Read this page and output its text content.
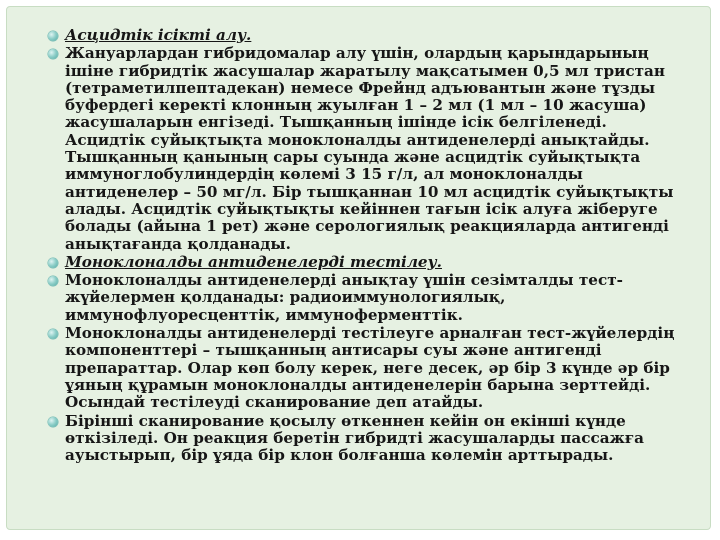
Асцидтік ісікті алу.
Жануарлардан гибридомалар алу үшін, олардың қарындарының ішіне гибридтік жасушалар жаратылу мақсатымен 0,5 мл тристан (тетраметилпептадекан) немесе Фрейнд адъювантын және тұзды буфердегі керекті клонның жуылған 1 – 2 мл (1 мл – 10 жасуша) жасушаларын енгізеді. Тышқанның ішінде ісік белгіленеді. Асцидтік суйықтықта моноклоналды антиденелерді анықтайды. Тышқанның қанының сары суында және асцидтік суйықтықта иммуноглобулиндердің көлемі 3 15 г/л, ал моноклоналды антиденелер – 50 мг/л. Бір тышқаннан 10 мл асцидтік суйықтықты алады. Асцидтік суйықтықты кейіннен тағын ісік алуға жіберуге болады (айына 1 рет) және серологиялық реакцияларда антигенді анықтағанда қолданады.
Моноклоналды антиденелерді тестілеу.
Моноклоналды антиденелерді анықтау үшін сезімталды тест-жүйелермен қолданады: радиоиммунологиялық, иммунофлуоресценттік, иммуноферменттік.
Моноклоналды антиденелерді тестілеуге арналған тест-жүйелердің компоненттері – тышқанның антисары суы және антигенді препараттар. Олар көп болу керек, неге десек, әр бір 3 күнде әр бір ұяның құрамын моноклоналды антиденелерін барына зерттейді. Осындай тестілеуді сканирование деп атайды.
Бірінші сканирование қосылу өткеннен кейін он екінші күнде өткізіледі. Он реакция беретін гибридті жасушаларды пассажға ауыстырып, бір ұяда бір клон болғанша көлемін арттырады.
